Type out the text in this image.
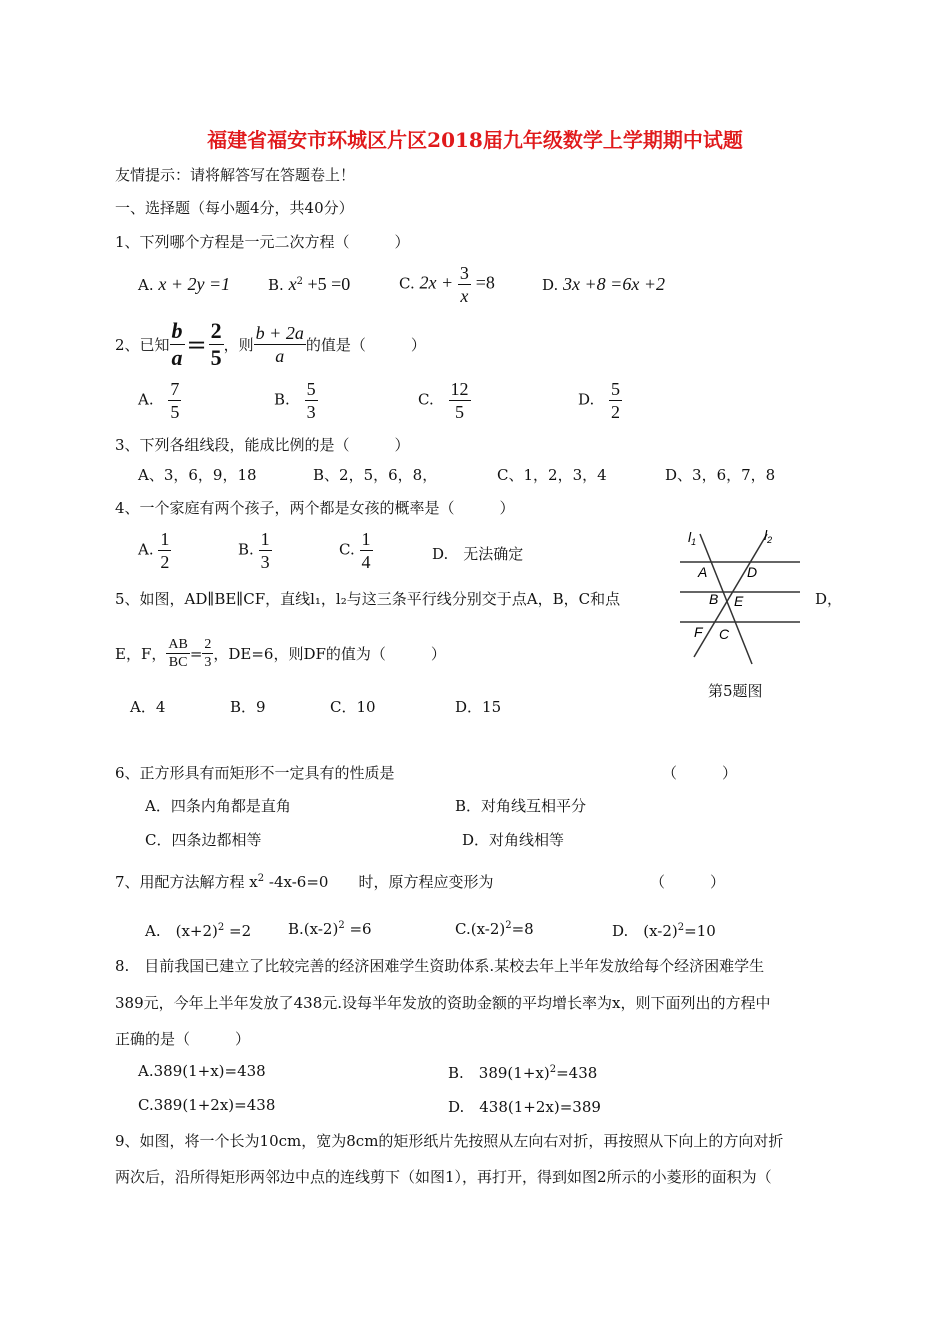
福建省福安市环城区片区2018届九年级数学上学期期中试题
友情提示：请将解答写在答题卷上！
一、选择题（每小题4分，共40分）
1、下列哪个方程是一元二次方程（　　　）
A. x + 2y =1	B. $x^2 +5 =0$	C. $2x + \frac{3}{x} =8$	D. 3x +8 =6x +2
2、已知 $\frac{b}{a} = \frac{2}{5}$ ，则 $\frac{b + 2a}{a}$ 的值是（　　　）
A. $\frac{7}{5}$	B. $\frac{5}{3}$	C. $\frac{12}{5}$	D. $\frac{5}{2}$
3、下列各组线段，能成比例的是（　　　）
A、3，6，9，18	B、2，5，6，8，	C、1，2，3，4	D、3，6，7，8
4、一个家庭有两个孩子，两个都是女孩的概率是（　　　）
A. $\frac{1}{2}$	B. $\frac{1}{3}$	C. $\frac{1}{4}$	D.　无法确定
$l_1$	$l_2$
A	D
B E
F C
第5题图
5、如图，AD∥BE∥CF，直线l₁，l₂与这三条平行线分别交于点A，B，C和点	D，
E，F， $\frac{AB}{BC} = \frac{2}{3}$ ，DE=6，则DF的值为（　　　）
A．4	B．9	C．10	D．15
6、正方形具有而矩形不一定具有的性质是	（　　　）
A．四条内角都是直角	B．对角线互相平分
C．四条边都相等	D．对角线相等
7、用配方法解方程 $x^2$ -4x-6=0　　时，原方程应变形为	（　　　）
A.　$(x+2)^2 =2$ $B.(x-2)^2 =6$	$C.(x-2)^2=8$	D.　$(x-2)^2=10$
8.　目前我国已建立了比较完善的经济困难学生资助体系.某校去年上半年发放给每个经济困难学生
389元，今年上半年发放了438元.设每半年发放的资助金额的平均增长率为x，则下面列出的方程中
正确的是（　　　）
A.389(1+x)=438	B.　$389(1+x)^2=438$
C.389(1+2x)=438	D.　438(1+2x)=389
9、如图，将一个长为10cm，宽为8cm的矩形纸片先按照从左向右对折，再按照从下向上的方向对折
两次后，沿所得矩形两邻边中点的连线剪下（如图1），再打开，得到如图2所示的小菱形的面积为（
